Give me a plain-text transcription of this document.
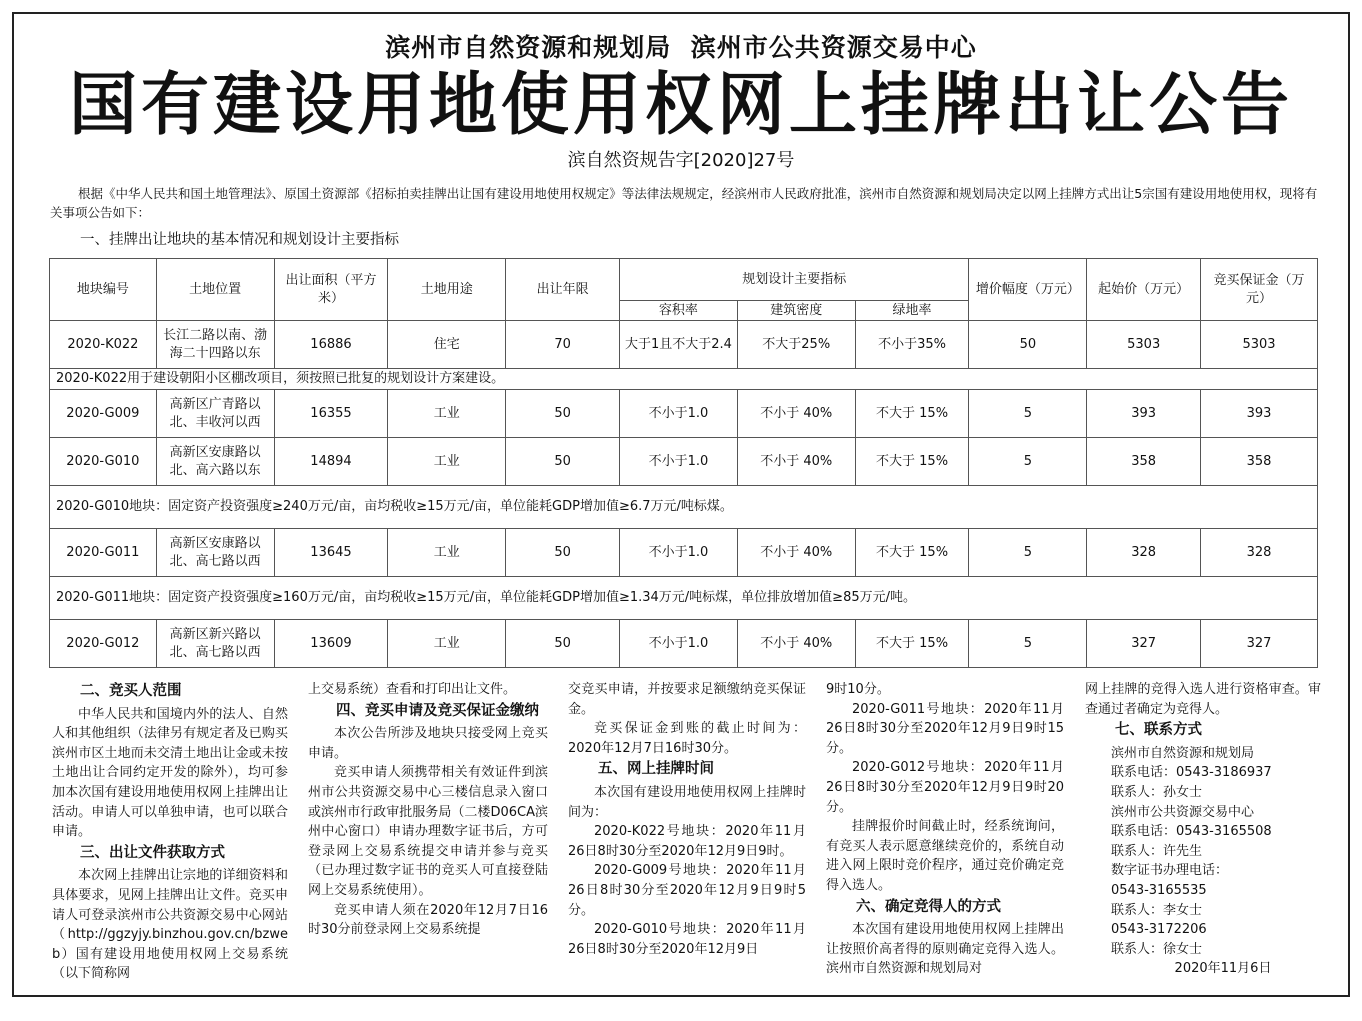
滨州市自然资源和规划局  滨州市公共资源交易中心
国有建设用地使用权网上挂牌出让公告
滨自然资规告字[2020]27号
根据《中华人民共和国土地管理法》、原国土资源部《招标拍卖挂牌出让国有建设用地使用权规定》等法律法规规定，经滨州市人民政府批准，滨州市自然资源和规划局决定以网上挂牌方式出让5宗国有建设用地使用权，现将有关事项公告如下：
一、挂牌出让地块的基本情况和规划设计主要指标
地块编号	土地位置	出让面积（平方米）	土地用途	出让年限	规划设计主要指标			增价幅度（万元）	起始价（万元）	竞买保证金（万元）
					容积率	建筑密度	绿地率			
2020-K022	长江二路以南、渤海二十四路以东	16886	住宅	70	大于1且不大于2.4	不大于25%	不小于35%	50	5303	5303
2020-K022用于建设朝阳小区棚改项目，须按照已批复的规划设计方案建设。										
2020-G009	高新区广青路以北、丰收河以西	16355	工业	50	不小于1.0	不小于 40%	不大于 15%	5	393	393
2020-G010	高新区安康路以北、高六路以东	14894	工业	50	不小于1.0	不小于 40%	不大于 15%	5	358	358
2020-G010地块：固定资产投资强度≥240万元/亩，亩均税收≥15万元/亩，单位能耗GDP增加值≥6.7万元/吨标煤。										
2020-G011	高新区安康路以北、高七路以西	13645	工业	50	不小于1.0	不小于 40%	不大于 15%	5	328	328
2020-G011地块：固定资产投资强度≥160万元/亩，亩均税收≥15万元/亩，单位能耗GDP增加值≥1.34万元/吨标煤，单位排放增加值≥85万元/吨。										
2020-G012	高新区新兴路以北、高七路以西	13609	工业	50	不小于1.0	不小于 40%	不大于 15%	5	327	327

二、竞买人范围

中华人民共和国境内外的法人、自然人和其他组织（法律另有规定者及已购买滨州市区土地而未交清土地出让金或未按土地出让合同约定开发的除外），均可参加本次国有建设用地使用权网上挂牌出让活动。申请人可以单独申请，也可以联合申请。

三、出让文件获取方式

本次网上挂牌出让宗地的详细资料和具体要求，见网上挂牌出让文件。竞买申请人可登录滨州市公共资源交易中心网站（http://ggzyjy.binzhou.gov.cn/bzweb）国有建设用地使用权网上交易系统（以下简称网

上交易系统）查看和打印出让文件。

四、竞买申请及竞买保证金缴纳

本次公告所涉及地块只接受网上竞买申请。

竞买申请人须携带相关有效证件到滨州市公共资源交易中心三楼信息录入窗口或滨州市行政审批服务局（二楼D06CA滨州中心窗口）申请办理数字证书后，方可登录网上交易系统提交申请并参与竞买（已办理过数字证书的竞买人可直接登陆网上交易系统使用）。

竞买申请人须在2020年12月7日16时30分前登录网上交易系统提

交竞买申请，并按要求足额缴纳竞买保证金。

竞买保证金到账的截止时间为：2020年12月7日16时30分。

五、网上挂牌时间

本次国有建设用地使用权网上挂牌时间为：

2020-K022号地块：2020年11月26日8时30分至2020年12月9日9时。

2020-G009号地块：2020年11月26日8时30分至2020年12月9日9时5分。

2020-G010号地块：2020年11月26日8时30分至2020年12月9日

9时10分。

2020-G011号地块：2020年11月26日8时30分至2020年12月9日9时15分。

2020-G012号地块：2020年11月26日8时30分至2020年12月9日9时20分。

挂牌报价时间截止时，经系统询问，有竞买人表示愿意继续竞价的，系统自动进入网上限时竞价程序，通过竞价确定竞得入选人。

六、确定竞得人的方式

本次国有建设用地使用权网上挂牌出让按照价高者得的原则确定竞得入选人。滨州市自然资源和规划局对

网上挂牌的竞得入选人进行资格审查。审查通过者确定为竞得人。

七、联系方式

滨州市自然资源和规划局

联系电话：0543-3186937

联系人：孙女士

滨州市公共资源交易中心

联系电话：0543-3165508

联系人：许先生

数字证书办理电话：

0543-3165535

联系人：李女士

0543-3172206

联系人：徐女士

2020年11月6日
